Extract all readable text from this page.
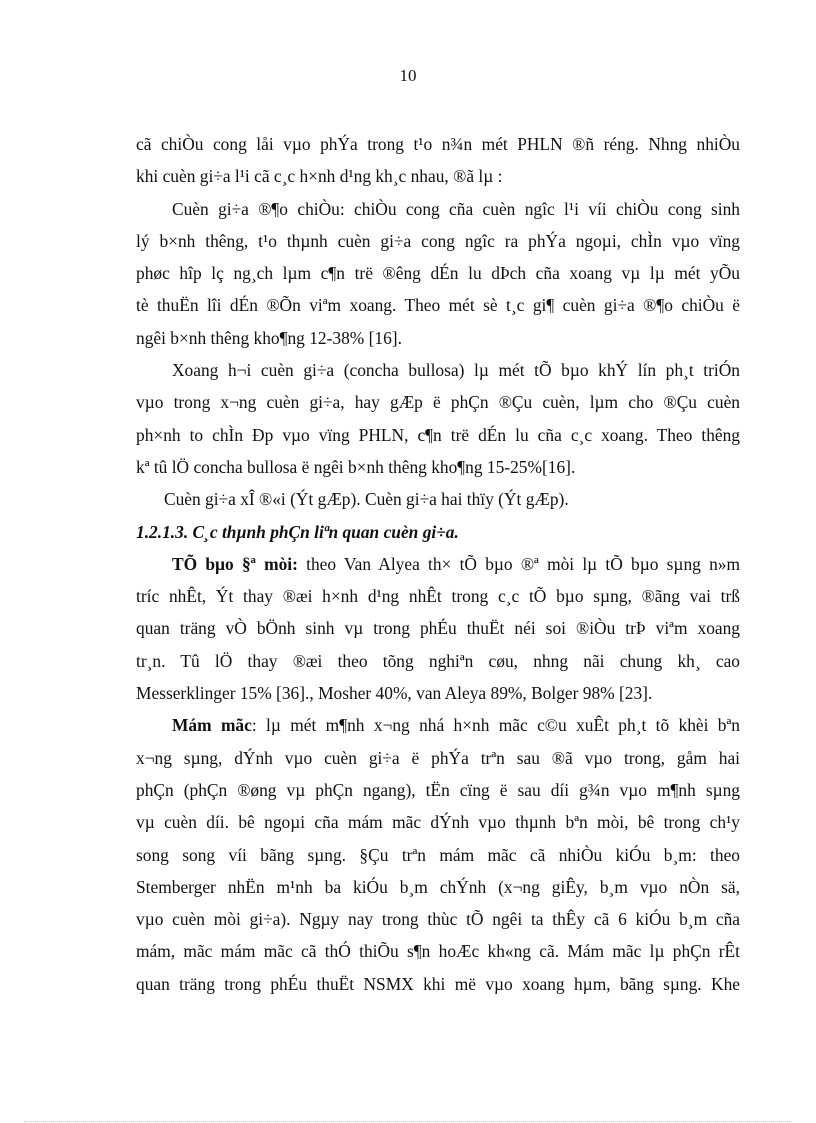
10
cã chiÒu cong låi vµo phÝa trong t¹o n¾n mét PHLN ®ñ réng. Nhng nhiÒu
khi cuèn gi÷a l¹i cã c¸c h×nh d¹ng kh¸c nhau, ®ã lµ :
Cuèn gi÷a ®¶o chiÒu: chiÒu cong cña cuèn ngîc l¹i víi chiÒu cong sinh
lý b×nh thêng, t¹o thµnh cuèn gi÷a cong ngîc ra phÝa ngoµi, chÌn vµo vïng
phøc hîp lç ng¸ch lµm c¶n trë ®êng dÉn lu dÞch cña xoang vµ lµ mét yÕu
tè thuËn lîi dÉn ®Õn viªm xoang. Theo mét sè t¸c gi¶ cuèn gi÷a ®¶o chiÒu ë
ngêi b×nh thêng kho¶ng 12-38% [16].
Xoang h¬i cuèn gi÷a (concha bullosa) lµ mét tÕ bµo khÝ lín ph¸t triÓn
vµo trong x¬ng cuèn gi÷a, hay gÆp ë phÇn ®Çu cuèn, lµm cho ®Çu cuèn
ph×nh to chÌn Ðp vµo vïng PHLN, c¶n trë dÉn lu cña c¸c xoang. Theo thêng
kª tû lÖ concha bullosa ë ngêi b×nh thêng kho¶ng 15-25%[16].
Cuèn gi÷a xÎ ®«i (Ýt gÆp). Cuèn gi÷a hai thïy (Ýt gÆp).
1.2.1.3. C¸c thµnh phÇn liªn quan cuèn gi÷a.
TÕ bµo §ª mòi: theo Van Alyea th× tÕ bµo ®ª mòi lµ tÕ bµo sµng n»m
tríc nhÊt, Ýt thay ®æi h×nh d¹ng nhÊt trong c¸c tÕ bµo sµng, ®ãng vai trß
quan träng vÒ bÖnh sinh vµ trong phÉu thuËt néi soi ®iÒu trÞ viªm xoang
tr¸n. Tû lÖ thay ®æi theo tõng nghiªn cøu, nhng nãi chung kh¸ cao
Messerklinger 15% [36]., Mosher 40%, van Aleya 89%, Bolger 98% [23].
Mám mãc: lµ mét m¶nh x¬ng nhá h×nh mãc c©u xuÊt ph¸t tõ khèi bªn
x¬ng sµng, dÝnh vµo cuèn gi÷a ë phÝa trªn sau ®ã vµo trong, gåm hai
phÇn (phÇn ®øng vµ phÇn ngang), tËn cïng ë sau díi g¾n vµo m¶nh sµng
vµ cuèn díi. bê ngoµi cña mám mãc dÝnh vµo thµnh bªn mòi, bê trong ch¹y
song song víi bãng sµng. §Çu trªn mám mãc cã nhiÒu kiÓu b¸m: theo
Stemberger nhËn m¹nh ba kiÓu b¸m chÝnh (x¬ng giÊy, b¸m vµo nÒn sä,
vµo cuèn mòi gi÷a). Ngµy nay trong thùc tÕ ngêi ta thÊy cã 6 kiÓu b¸m cña
mám, mãc mám mãc cã thÓ thiÕu s¶n hoÆc kh«ng cã. Mám mãc lµ phÇn rÊt
quan träng trong phÉu thuËt NSMX khi më vµo xoang hµm, bãng sµng. Khe
